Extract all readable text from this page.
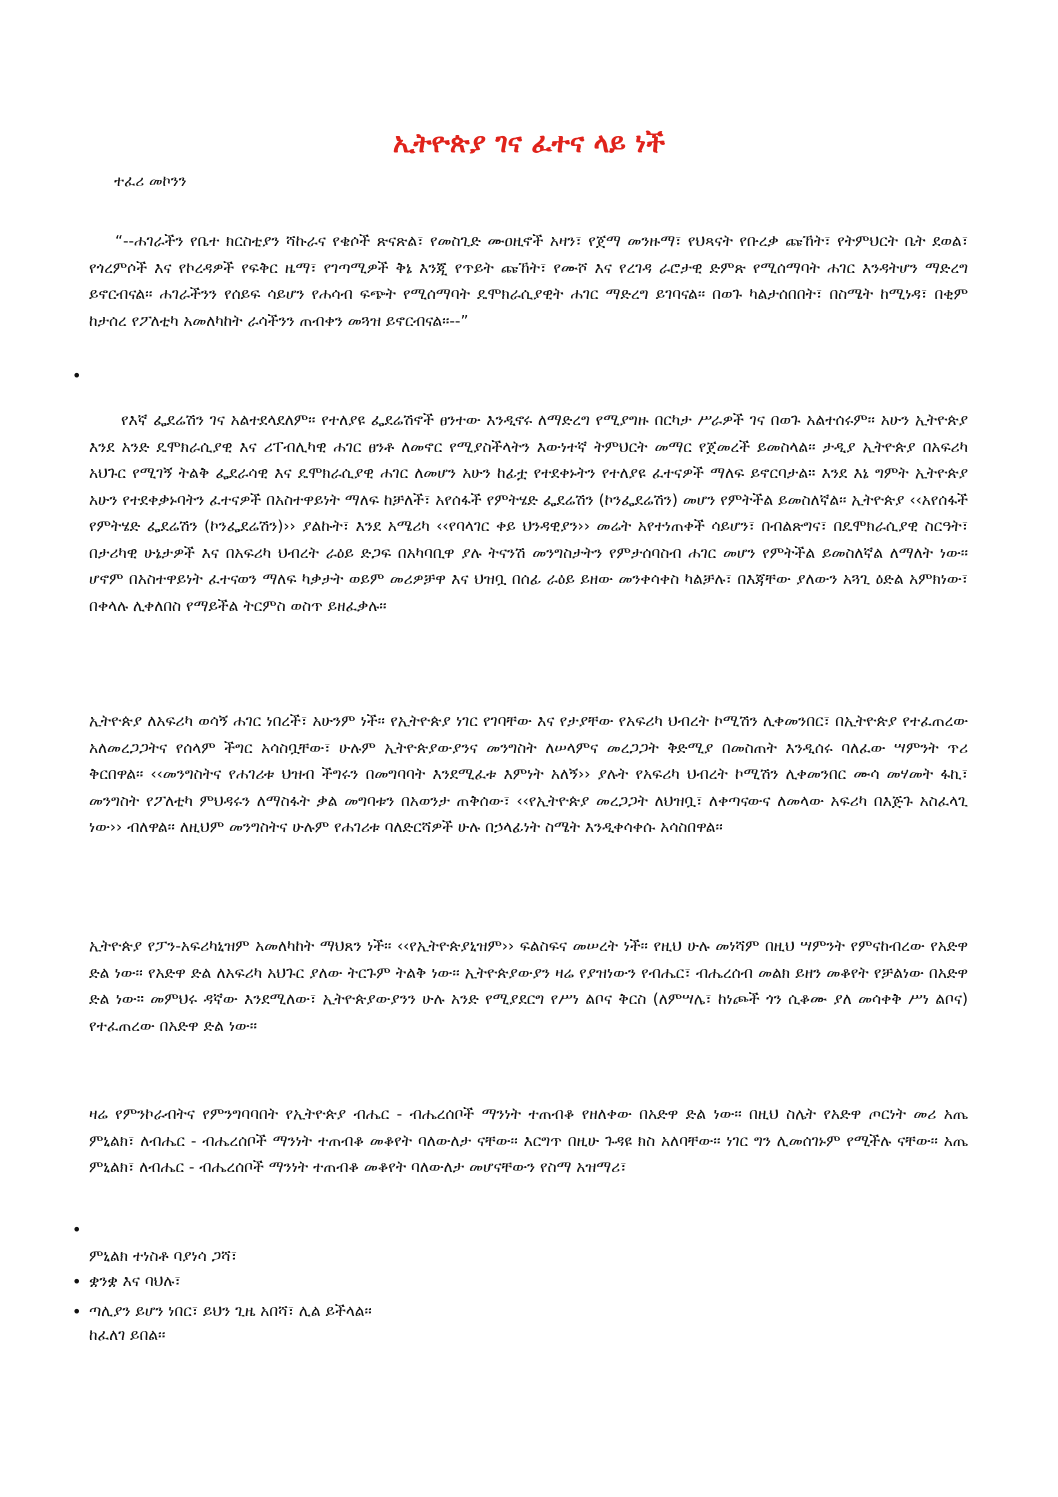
ኢትዮጵያ ገና ፈተና ላይ ነች
ተፈሪ መኮንን

“--ሐገራችን የቤተ ክርስቲያን ሻኩራና የቄሶች ጽናጽል፣ የመስጊድ ሙዐዚኖች አዛን፣ የጀማ መንዙማ፣ የህጻናት የቡረቃ ጩኸት፣ የትምህርት ቤት ደወል፣ የጎረምሶች እና የኮረዳዎች የፍቅር ዜማ፣ የገጣሚዎች ቅኔ እንጂ የጥይት ጩኸት፣ የሙሾ እና የረገዳ ራሮታዊ ድምጽ የሚሰማባት ሐገር እንዳትሆን ማድረግ ይኖርብናል፡፡ ሐገራችንን የሰይፍ ሳይሆን የሐሳብ ፍጭት የሚሰማባት ዴሞክራሲያዊት ሐገር ማድረግ ይገባናል፡፡ በወጉ ካልታሰበበት፣ በስሜት ከሚነዳ፣ በቂም ከታሰረ የፖለቲካ አመለካከት ራሳችንን ጠብቀን መጓዝ ይኖርብናል፡፡--”

•

የእኛ ፌደሬሽን ገና አልተደላደለም፡፡ የተለያዩ ፌደሬሽኖች ፀንተው እንዲኖሩ ለማድረግ የሚያግዙ በርካታ ሥራዎች ገና በወጉ አልተሰሩም፡፡ አሁን ኢትዮጵያ እንደ አንድ ዴሞክራሲያዊ እና ሪፐብሊካዊ ሐገር ፀንቶ ለመኖር የሚያስችላትን እውነተኛ ትምህርት መማር የጀመረች ይመስላል፡፡ ታዲያ ኢትዮጵያ በአፍሪካ አህጉር የሚገኝ ትልቅ ፌደራሳዊ እና ዴሞክራሲያዊ ሐገር ለመሆን አሁን ከፊቷ የተደቀኑትን የተለያዩ ፈተናዎች ማለፍ ይኖርባታል። እንደ እኔ ግምት ኢትዮጵያ አሁን የተደቀቃኑባትን ፈተናዎች በአስተዋይነት ማለፍ ከቻለች፣ አየሰፋች የምትሄድ ፌደሬሽን (ኮንፌደሬሽን) መሆን የምትችል ይመስለኛል፡፡ ኢትዮጵያ ‹‹አየሰፋች የምትሄድ ፌደሬሽን (ኮንፌደሬሽን)›› ያልኩት፣ እንደ አሜሪካ ‹‹የባላገር ቀይ ህንዳዊያን›› መሬት አየተነጠቀች ሳይሆን፣ በብልጽግና፣ በዴሞክራሲያዊ ስርዓት፣ በታሪካዊ ሁኔታዎች እና በአፍሪካ ህብረት ራዕይ ድጋፍ በአካባቢዋ ያሉ ትናንሽ መንግስታትን የምታሰባስብ ሐገር መሆን የምትችል ይመስለኛል ለማለት ነው፡፡ ሆኖም በአስተዋይነት ፈተናወን ማለፍ ካቃታት ወይም መሪዎቻዋ እና ህዝቧ በሰፊ ራዕይ ይዘው መንቀሳቀስ ካልቻሉ፣ በእጃቸው ያለውን አጓጊ ዕድል አምክነው፣ በቀላሉ ሊቀለበስ የማይችል ትርምስ ወስጥ ይዘፈቃሉ፡፡

ኢትዮጵያ ለአፍሪካ ወሳኝ ሐገር ነበረች፣ አሁንም ነች፡፡ የኢትዮጵያ ነገር የገባቸው እና የታያቸው የአፍሪካ ህብረት ኮሚሽን ሊቀመንበር፣ በኢትዮጵያ የተፈጠረው አለመረጋጋትና የሰላም ችግር አሳስቧቸው፣ ሁሉም ኢትዮጵያውያንና መንግስት ለሠላምና መረጋጋት ቅድሚያ በመስጠት እንዲሰሩ ባለፈው ሣምንት ጥሪ ቅርበዋል፡፡ ‹‹መንግስትና የሐገሪቱ ህዝብ ችግሩን በመግባባት እንደሚፈቱ እምነት አለኝ›› ያሉት የአፍሪካ ህብረት ኮሚሽን ሊቀመንበር ሙሳ መሃመት ፋኪ፣ መንግስት የፖለቲካ ምህዳሩን ለማስፋት ቃል መግባቱን በአወንታ ጠቅሰው፣ ‹‹የኢትዮጵያ መረጋጋት ለህዝቧ፣ ለቀጣናውና ለመላው አፍሪካ በእጅጉ አስፈላጊ ነው›› ብለዋል፡፡ ለዚህም መንግስትና ሁሉም የሐገሪቱ ባለድርሻዎች ሁሉ በኃላፊነት ስሜት እንዲቀሳቀሱ አሳስበዋል፡፡

ኢትዮጵያ የፓን-አፍሪካኒዝም አመለካከት ማህጸን ነች፡፡ ‹‹የኢትዮጵያኒዝም›› ፍልስፍና መሠረት ነች፡፡ የዚህ ሁሉ መነሻም በዚህ ሣምንት የምናከብረው የአድዋ ድል ነው፡፡ የአድዋ ድል ለአፍሪካ አህጉር ያለው ትርጉም ትልቅ ነው፡፡ ኢትዮጵያውያን ዛሬ የያዝነውን የብሔር፣ ብሔረሰብ መልክ ይዘን መቆየት የቻልነው በአድዋ ድል ነው። መምህሩ ዳኛው እንደሚለው፣ ኢትዮጵያውያንን ሁሉ አንድ የሚያደርግ የሥነ ልቦና ቅርስ (ለምሣሌ፣ ከነጮች ጎን ሲቆሙ ያለ መሳቀቅ ሥነ ልቦና) የተፈጠረው በአድዋ ድል ነው፡፡

ዛሬ የምንኮራብትና የምንግባባበት የኢትዮጵያ ብሔር - ብሔረሰቦች ማንነት ተጠብቆ የዘለቀው በአድዋ ድል ነው፡፡ በዚህ ስሌት የአድዋ ጦርነት መሪ አጤ ምኒልክ፣ ለብሔር - ብሔረሰቦች ማንነት ተጠብቆ መቆየት ባለውለታ ናቸው፡፡ እርግጥ በዚሁ ጉዳዩ ክስ አለባቸው፡፡ ነገር ግን ሊመሰገኑም የሚችሉ ናቸው፡፡ አጤ ምኒልክ፣ ለብሔር - ብሔረሰቦች ማንነት ተጠብቆ መቆየት ባለውለታ መሆናቸውን የስማ አዝማሪ፣

•
ምኒልክ ተነስቶ ባያነሳ ጋሻ፣
• ቋንቋ እና ባህሉ፣
• ጣሊያን ይሆን ነበር፣ ይህን ጊዜ አበሻ፣ ሊል ይችላል፡፡
ከፈለገ ይበል፡፡
